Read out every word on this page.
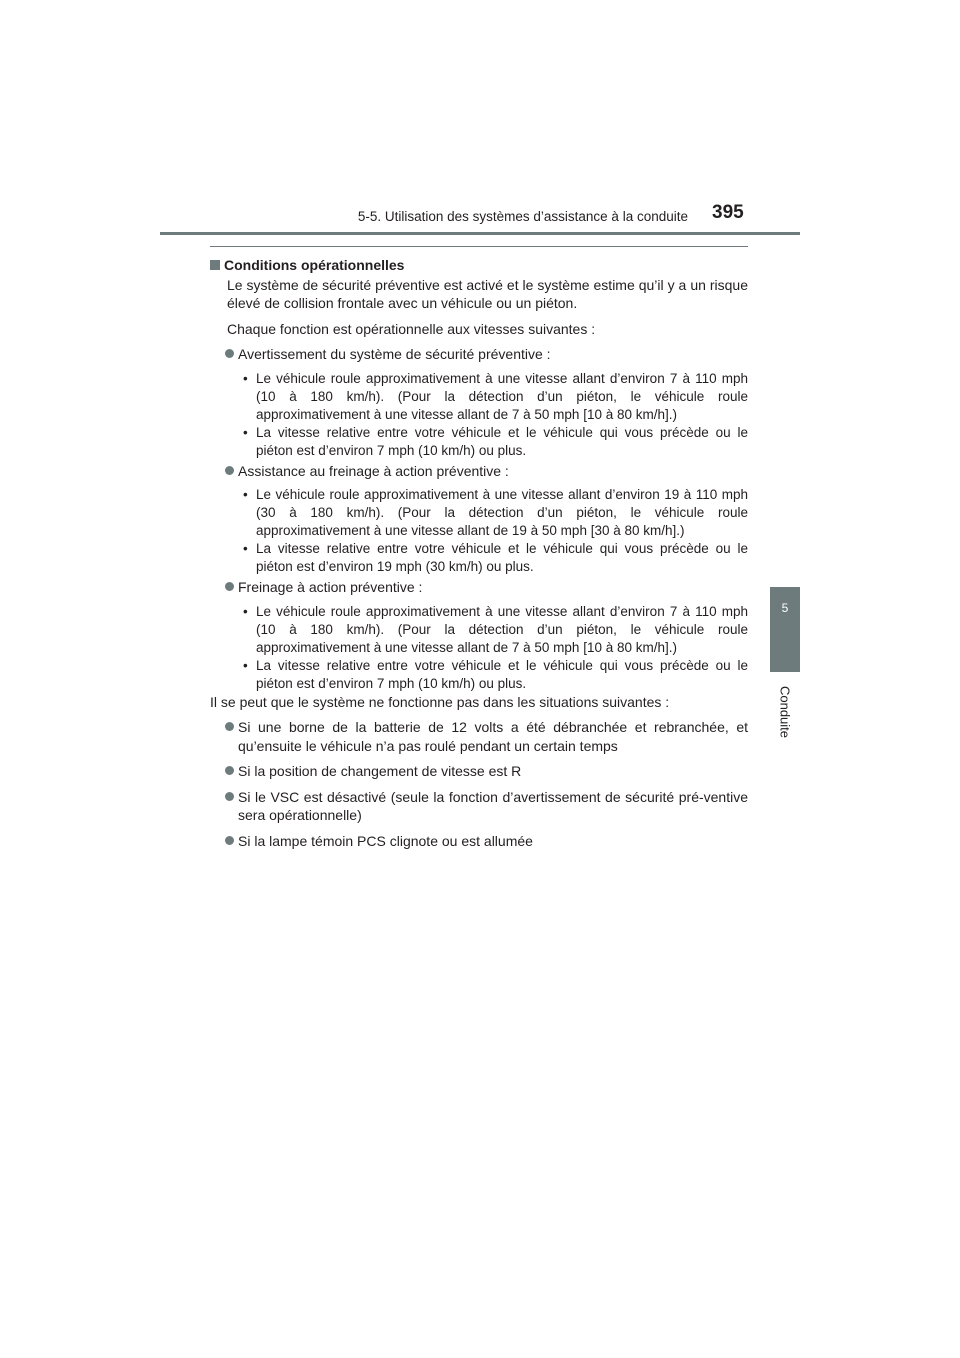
5-5. Utilisation des systèmes d’assistance à la conduite 395
5
Conduite
Conditions opérationnelles
Le système de sécurité préventive est activé et le système estime qu’il y a un risque élevé de collision frontale avec un véhicule ou un piéton.
Chaque fonction est opérationnelle aux vitesses suivantes :
Avertissement du système de sécurité préventive :
• Le véhicule roule approximativement à une vitesse allant d’environ 7 à 110 mph (10 à 180 km/h). (Pour la détection d’un piéton, le véhicule roule approximativement à une vitesse allant de 7 à 50 mph [10 à 80 km/h].)
• La vitesse relative entre votre véhicule et le véhicule qui vous précède ou le piéton est d’environ 7 mph (10 km/h) ou plus.
Assistance au freinage à action préventive :
• Le véhicule roule approximativement à une vitesse allant d’environ 19 à 110 mph (30 à 180 km/h). (Pour la détection d’un piéton, le véhicule roule approximativement à une vitesse allant de 19 à 50 mph [30 à 80 km/h].)
• La vitesse relative entre votre véhicule et le véhicule qui vous précède ou le piéton est d’environ 19 mph (30 km/h) ou plus.
Freinage à action préventive :
• Le véhicule roule approximativement à une vitesse allant d’environ 7 à 110 mph (10 à 180 km/h). (Pour la détection d’un piéton, le véhicule roule approximativement à une vitesse allant de 7 à 50 mph [10 à 80 km/h].)
• La vitesse relative entre votre véhicule et le véhicule qui vous précède ou le piéton est d’environ 7 mph (10 km/h) ou plus.
Il se peut que le système ne fonctionne pas dans les situations suivantes :
Si une borne de la batterie de 12 volts a été débranchée et rebranchée, et qu’ensuite le véhicule n’a pas roulé pendant un certain temps
Si la position de changement de vitesse est R
Si le VSC est désactivé (seule la fonction d’avertissement de sécurité pré-ventive sera opérationnelle)
Si la lampe témoin PCS clignote ou est allumée
